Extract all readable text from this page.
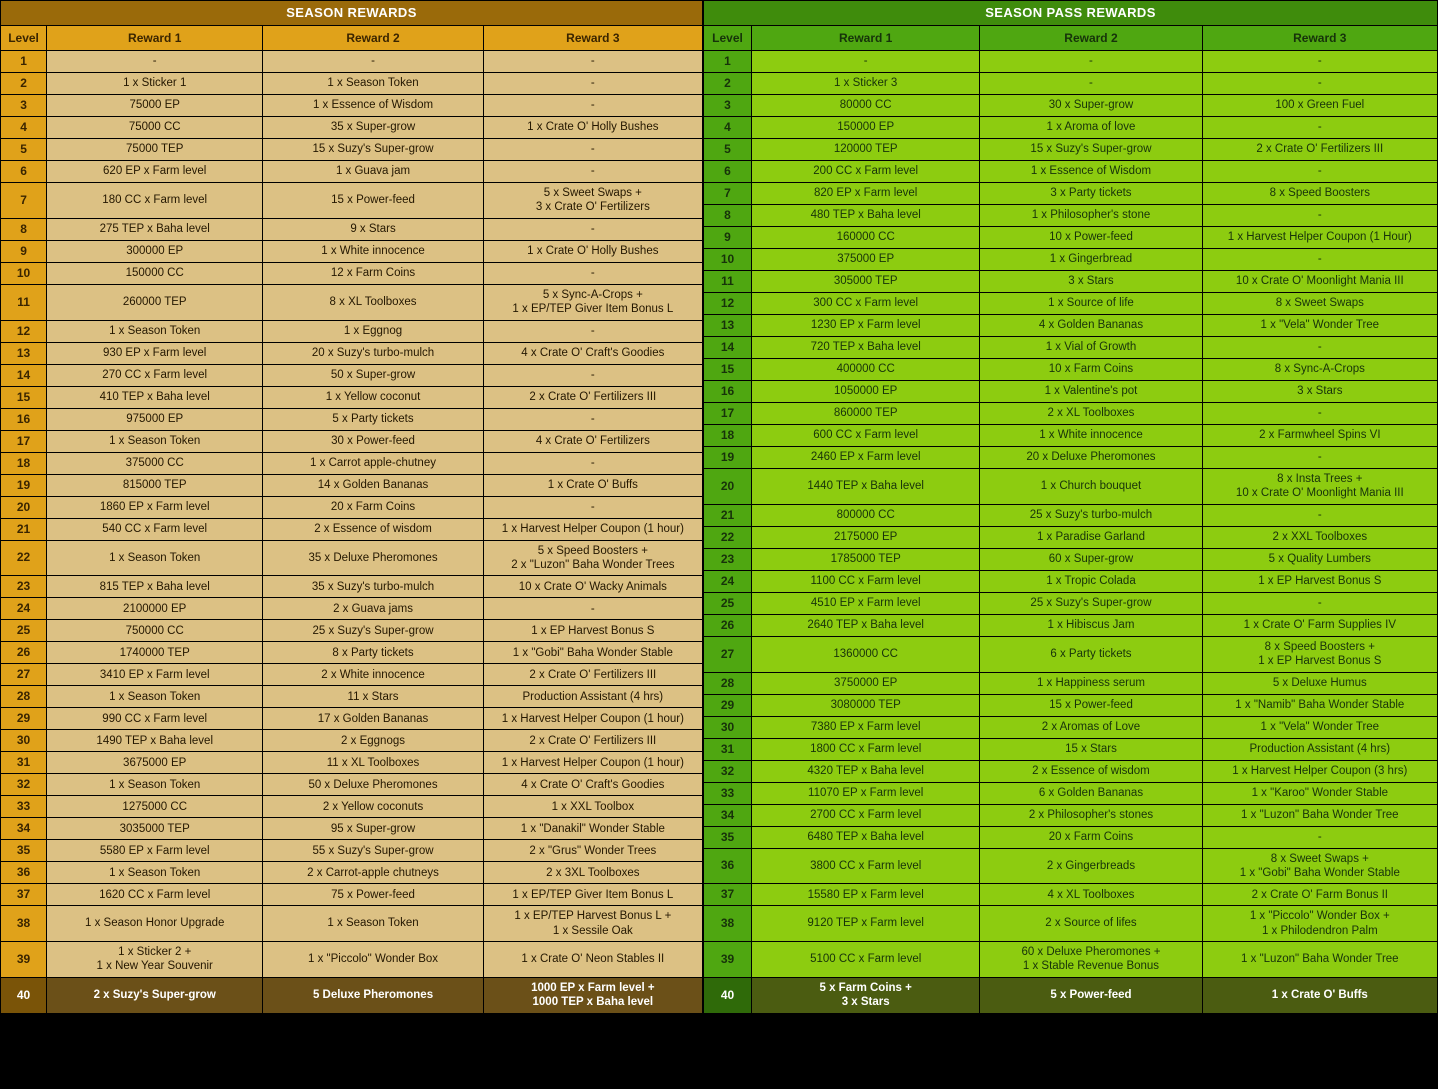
SEASON REWARDS			
Level	Reward 1	Reward 2	Reward 3
1	-	-	-
2	1 x Sticker 1	1 x Season Token	-
3	75000 EP	1 x Essence of Wisdom	-
4	75000 CC	35 x Super-grow	1 x Crate O' Holly Bushes
5	75000 TEP	15 x Suzy's Super-grow	-
6	620 EP x Farm level	1 x Guava jam	-
7	180 CC x Farm level	15 x Power-feed	5 x Sweet Swaps +
3 x Crate O' Fertilizers
8	275 TEP x Baha level	9 x Stars	-
9	300000 EP	1 x White innocence	1 x Crate O' Holly Bushes
10	150000 CC	12 x Farm Coins	-
11	260000 TEP	8 x XL Toolboxes	5 x Sync-A-Crops +
1 x EP/TEP Giver Item Bonus L
12	1 x Season Token	1 x Eggnog	-
13	930 EP x Farm level	20 x Suzy's turbo-mulch	4 x Crate O' Craft's Goodies
14	270 CC x Farm level	50 x Super-grow	-
15	410 TEP x Baha level	1 x Yellow coconut	2 x Crate O' Fertilizers III
16	975000 EP	5 x Party tickets	-
17	1 x Season Token	30 x Power-feed	4 x Crate O' Fertilizers
18	375000 CC	1 x Carrot apple-chutney	-
19	815000 TEP	14 x Golden Bananas	1 x Crate O' Buffs
20	1860 EP x Farm level	20 x Farm Coins	-
21	540 CC x Farm level	2 x Essence of wisdom	1 x Harvest Helper Coupon (1 hour)
22	1 x Season Token	35 x Deluxe Pheromones	5 x Speed Boosters +
2 x "Luzon" Baha Wonder Trees
23	815 TEP x Baha level	35 x Suzy's turbo-mulch	10 x Crate O' Wacky Animals
24	2100000 EP	2 x Guava jams	-
25	750000 CC	25 x Suzy's Super-grow	1 x EP Harvest Bonus S
26	1740000 TEP	8 x Party tickets	1 x "Gobi" Baha Wonder Stable
27	3410 EP x Farm level	2 x White innocence	2 x Crate O' Fertilizers III
28	1 x Season Token	11 x Stars	Production Assistant (4 hrs)
29	990 CC x Farm level	17 x Golden Bananas	1 x Harvest Helper Coupon (1 hour)
30	1490 TEP x Baha level	2 x Eggnogs	2 x Crate O' Fertilizers III
31	3675000 EP	11 x XL Toolboxes	1 x Harvest Helper Coupon (1 hour)
32	1 x Season Token	50 x Deluxe Pheromones	4 x Crate O' Craft's Goodies
33	1275000 CC	2 x Yellow coconuts	1 x XXL Toolbox
34	3035000 TEP	95 x Super-grow	1 x "Danakil" Wonder Stable
35	5580 EP x Farm level	55 x Suzy's Super-grow	2 x "Grus" Wonder Trees
36	1 x Season Token	2 x Carrot-apple chutneys	2 x 3XL Toolboxes
37	1620 CC x Farm level	75 x Power-feed	1 x EP/TEP Giver Item Bonus L
38	1 x Season Honor Upgrade	1 x Season Token	1 x EP/TEP Harvest Bonus L +
1 x Sessile Oak
39	1 x Sticker 2 +
1 x New Year Souvenir	1 x "Piccolo" Wonder Box	1 x Crate O' Neon Stables II
40	2 x Suzy's Super-grow	5 Deluxe Pheromones	1000 EP x Farm level +
1000 TEP x Baha level
SEASON PASS REWARDS			
Level	Reward 1	Reward 2	Reward 3
1	-	-	-
2	1 x Sticker 3	-	-
3	80000 CC	30 x Super-grow	100 x Green Fuel
4	150000 EP	1 x Aroma of love	-
5	120000 TEP	15 x Suzy's Super-grow	2 x Crate O' Fertilizers III
6	200 CC x Farm level	1 x Essence of Wisdom	-
7	820 EP x Farm level	3 x Party tickets	8 x Speed Boosters
8	480 TEP x Baha level	1 x Philosopher's stone	-
9	160000 CC	10 x Power-feed	1 x Harvest Helper Coupon (1 Hour)
10	375000 EP	1 x Gingerbread	-
11	305000 TEP	3 x Stars	10 x Crate O' Moonlight Mania III
12	300 CC x Farm level	1 x Source of life	8 x Sweet Swaps
13	1230 EP x Farm level	4 x Golden Bananas	1 x "Vela" Wonder Tree
14	720 TEP x Baha level	1 x Vial of Growth	-
15	400000 CC	10 x Farm Coins	8 x Sync-A-Crops
16	1050000 EP	1 x Valentine's pot	3 x Stars
17	860000 TEP	2 x XL Toolboxes	-
18	600 CC x Farm level	1 x White innocence	2 x Farmwheel Spins VI
19	2460 EP x Farm level	20 x Deluxe Pheromones	-
20	1440 TEP x Baha level	1 x Church bouquet	8 x Insta Trees +
10 x Crate O' Moonlight Mania III
21	800000 CC	25 x Suzy's turbo-mulch	-
22	2175000 EP	1 x Paradise Garland	2 x XXL Toolboxes
23	1785000 TEP	60 x Super-grow	5 x Quality Lumbers
24	1100 CC x Farm level	1 x Tropic Colada	1 x EP Harvest Bonus S
25	4510 EP x Farm level	25 x Suzy's Super-grow	-
26	2640 TEP x Baha level	1 x Hibiscus Jam	1 x Crate O' Farm Supplies IV
27	1360000 CC	6 x Party tickets	8 x Speed Boosters +
1 x EP Harvest Bonus S
28	3750000 EP	1 x Happiness serum	5 x Deluxe Humus
29	3080000 TEP	15 x Power-feed	1 x "Namib" Baha Wonder Stable
30	7380 EP x Farm level	2 x Aromas of Love	1 x "Vela" Wonder Tree
31	1800 CC x Farm level	15 x Stars	Production Assistant (4 hrs)
32	4320 TEP x Baha level	2 x Essence of wisdom	1 x Harvest Helper Coupon (3 hrs)
33	11070 EP x Farm level	6 x Golden Bananas	1 x "Karoo" Wonder Stable
34	2700 CC x Farm level	2 x Philosopher's stones	1 x "Luzon" Baha Wonder Tree
35	6480 TEP x Baha level	20 x Farm Coins	-
36	3800 CC x Farm level	2 x Gingerbreads	8 x Sweet Swaps +
1 x "Gobi" Baha Wonder Stable
37	15580 EP x Farm level	4 x XL Toolboxes	2 x Crate O' Farm Bonus II
38	9120 TEP x Farm level	2 x Source of lifes	1 x "Piccolo" Wonder Box +
1 x Philodendron Palm
39	5100 CC x Farm level	60 x Deluxe Pheromones +
1 x Stable Revenue Bonus	1 x "Luzon" Baha Wonder Tree
40	5 x Farm Coins +
3 x Stars	5 x Power-feed	1 x Crate O' Buffs
